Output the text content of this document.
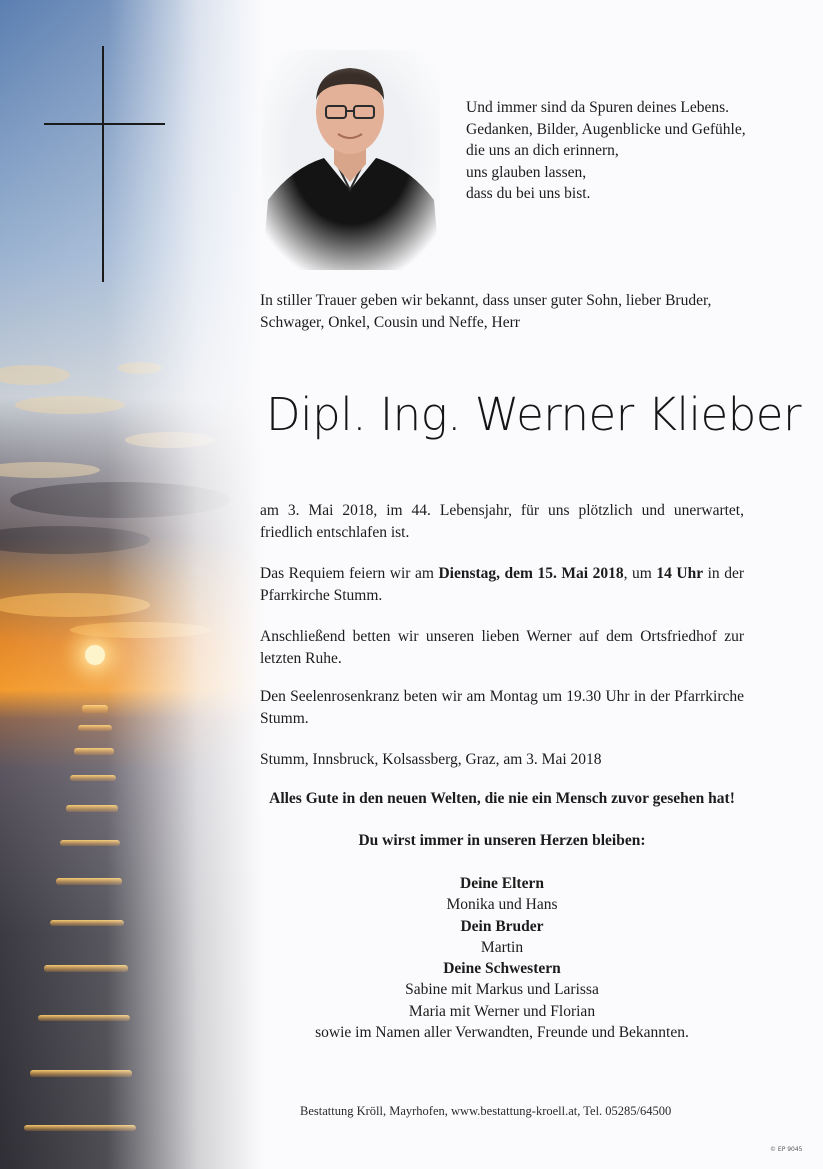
Und immer sind da Spuren deines Lebens.
Gedanken, Bilder, Augenblicke und Gefühle,
die uns an dich erinnern,
uns glauben lassen,
dass du bei uns bist.
In stiller Trauer geben wir bekannt, dass unser guter Sohn, lieber Bruder, Schwager, Onkel, Cousin und Neffe, Herr
Dipl. Ing. Werner Klieber
am 3. Mai 2018, im 44. Lebensjahr, für uns plötzlich und unerwartet, friedlich entschlafen ist.
Das Requiem feiern wir am Dienstag, dem 15. Mai 2018, um 14 Uhr in der Pfarrkirche Stumm.
Anschließend betten wir unseren lieben Werner auf dem Ortsfriedhof zur letzten Ruhe.
Den Seelenrosenkranz beten wir am Montag um 19.30 Uhr in der Pfarrkirche Stumm.
Stumm, Innsbruck, Kolsassberg, Graz, am 3. Mai 2018
Alles Gute in den neuen Welten, die nie ein Mensch zuvor gesehen hat!
Du wirst immer in unseren Herzen bleiben:
Deine Eltern
Monika und Hans
Dein Bruder
Martin
Deine Schwestern
Sabine mit Markus und Larissa
Maria mit Werner und Florian
sowie im Namen aller Verwandten, Freunde und Bekannten.
Bestattung Kröll, Mayrhofen, www.bestattung-kroell.at, Tel. 05285/64500
© EP 9045
